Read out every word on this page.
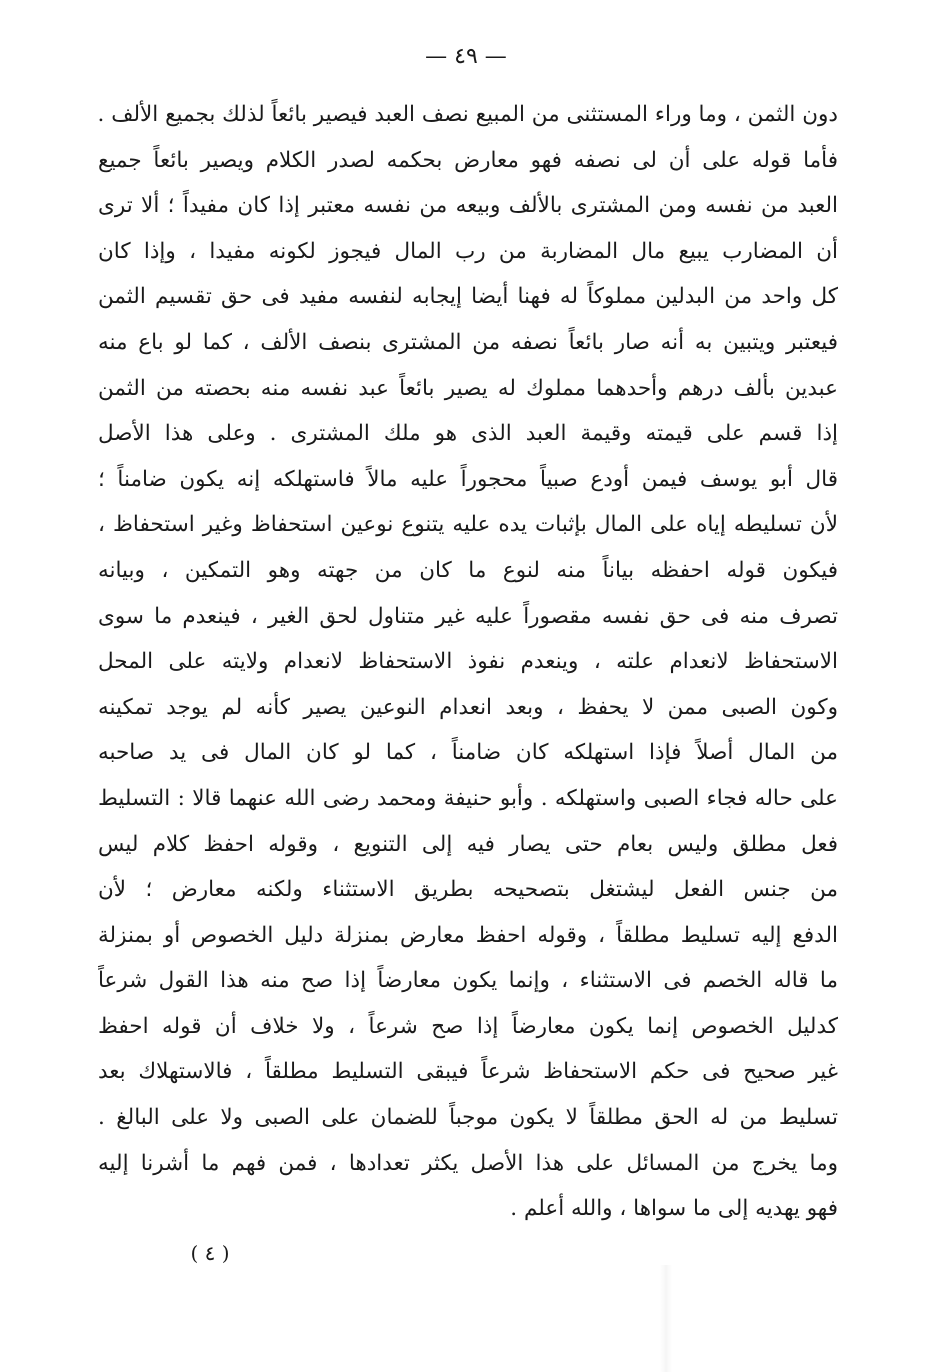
— ٤٩ —
دون الثمن ، وما وراء المستثنى من المبيع نصف العبد فيصير بائعاً لذلك بجميع الألف .
فأما قوله على أن لى نصفه فهو معارض بحكمه لصدر الكلام ويصير بائعاً جميع
العبد من نفسه ومن المشترى بالألف وبيعه من نفسه معتبر إذا كان مفيداً ؛ ألا ترى
أن المضارب يبيع مال المضاربة من رب المال فيجوز لكونه مفيدا ، وإذا كان
كل واحد من البدلين مملوكاً له فهنا أيضا إيجابه لنفسه مفيد فى حق تقسيم الثمن
فيعتبر ويتبين به أنه صار بائعاً نصفه من المشترى بنصف الألف ، كما لو باع منه
عبدين بألف درهم وأحدهما مملوك له يصير بائعاً عبد نفسه منه بحصته من الثمن
إذا قسم على قيمته وقيمة العبد الذى هو ملك المشترى . وعلى هذا الأصل
قال أبو يوسف فيمن أودع صبياً محجوراً عليه مالاً فاستهلكه إنه يكون ضامناً ؛
لأن تسليطه إياه على المال بإثبات يده عليه يتنوع نوعين استحفاظ وغير استحفاظ ،
فيكون قوله احفظه بياناً منه لنوع ما كان من جهته وهو التمكين ، وبيانه
تصرف منه فى حق نفسه مقصوراً عليه غير متناول لحق الغير ، فينعدم ما سوى
الاستحفاظ لانعدام علته ، وينعدم نفوذ الاستحفاظ لانعدام ولايته على المحل
وكون الصبى ممن لا يحفظ ، وبعد انعدام النوعين يصير كأنه لم يوجد تمكينه
من المال أصلاً فإذا استهلكه كان ضامناً ، كما لو كان المال فى يد صاحبه
على حاله فجاء الصبى واستهلكه . وأبو حنيفة ومحمد رضى الله عنهما قالا : التسليط
فعل مطلق وليس بعام حتى يصار فيه إلى التنويع ، وقوله احفظ كلام ليس
من جنس الفعل ليشتغل بتصحيحه بطريق الاستثناء ولكنه معارض ؛ لأن
الدفع إليه تسليط مطلقاً ، وقوله احفظ معارض بمنزلة دليل الخصوص أو بمنزلة
ما قاله الخصم فى الاستثناء ، وإنما يكون معارضاً إذا صح منه هذا القول شرعاً
كدليل الخصوص إنما يكون معارضاً إذا صح شرعاً ، ولا خلاف أن قوله احفظ
غير صحيح فى حكم الاستحفاظ شرعاً فيبقى التسليط مطلقاً ، فالاستهلاك بعد
تسليط من له الحق مطلقاً لا يكون موجباً للضمان على الصبى ولا على البالغ .
وما يخرج من المسائل على هذا الأصل يكثر تعدادها ، فمن فهم ما أشرنا إليه
فهو يهديه إلى ما سواها ، والله أعلم .
( ٤ )
